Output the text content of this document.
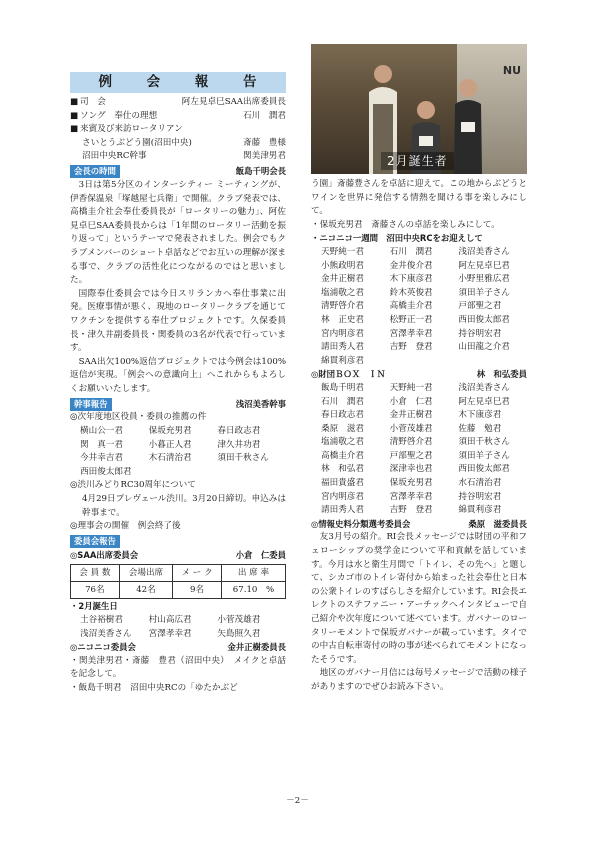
例 会 報 告
■ 司　会	阿左見卓巳SAA出席委員長
■ ソング　奉仕の理想	石川　潤君
■ 来賓及び来訪ロータリアン
さいとうぶどう園(沼田中央)	斎藤　豊様
沼田中央RC幹事	関美津男君
会長の時間	飯島千明会長

3日は第5分区のインターシティー ミーティングが、伊香保温泉「塚越屋七兵衛」で開催。クラブ発表では、高橋圭介社会奉仕委員長が「ロータリーの魅力」、阿佐見卓巳SAA委員長からは「1年間のロータリー活動を振り返って」というテーマで発表されました。例会でもクラブメンバーのショート卓話などでお互いの理解が深まる事で、クラブの活性化につながるのではと思いました。

国際奉仕委員会では今日スリランカへ奉仕事業に出発。医療事情が悪く、現地のロータリークラブを通じてワクチンを提供する奉仕プロジェクトです。久保委員長・津久井副委員長・関委員の3名が代表で行っています。

SAA出欠100%返信プロジェクトでは今例会は100%返信が実現。「例会への意識向上」へこれからもよろしくお願いいたします。

幹事報告	浅沼美香幹事
◎次年度地区役員・委員の推薦の件
横山公一君	保坂充男君	春日政志君
関　真一君	小暮正人君	津久井功君
今井幸吉君	木石清治君	須田千秋さん
西田俊太郎君
◎渋川みどりRC30周年について
4月29日プレヴェール渋川。3月20日締切。申込みは幹事まで。
◎理事会の開催　例会終了後
委員会報告
◎SAA出席委員会	小倉　仁委員
会 員 数	会場出席	メ ー ク	出 席 率
76名	42名	9名	67.10　%
・2月誕生日
土谷裕樹君	村山高広君	小菅茂雄君
浅沼美香さん	宮澤孝幸君	矢島照久君
◎ニコニコ委員会	金井正樹委員長
・関美津男君・斎藤　豊君（沼田中央）　メイクと卓話を記念して。
・飯島千明君　沼田中央RCの「ゆたかぶど
NU
2月誕生者
う園」斎藤豊さんを卓話に迎えて。この地からぶどうとワインを世界に発信する情熱を聞ける事を楽しみにして。
・保坂充男君　斎藤さんの卓話を楽しみにして。
・ニコニコ一週間　沼田中央RCをお迎えして
天野純一君	石川　潤君	浅沼美香さん
小熊政明君	金井俊介君	阿左見卓巳君
金井正樹君	木下康彦君	小野里雅広君
塩浦敬之君	鈴木英俊君	須田羊子さん
清野啓介君	高橋圭介君	戸部聖之君
林　正史君	松野正一君	西田俊太郎君
宮内明彦君	宮澤孝幸君	持谷明宏君
請田秀人君	吉野　登君	山田龍之介君
綿貫利彦君
◎財団ＢＯＸ　ＩＮ	林　和弘委員
飯島千明君	天野純一君	浅沼美香さん
石川　潤君	小倉　仁君	阿左見卓巳君
春日政志君	金井正樹君	木下康彦君
桑原　滋君	小菅茂雄君	佐藤　勉君
塩浦敬之君	清野啓介君	須田千秋さん
高橋圭介君	戸部聖之君	須田羊子さん
林　和弘君	深津幸也君	西田俊太郎君
福田貴盛君	保坂充男君	水石清治君
宮内明彦君	宮澤孝幸君	持谷明宏君
請田秀人君	吉野　登君	綿貫利彦君
◎情報史料分類選考委員会	桑原　滋委員長

友3月号の紹介。RI会長メッセージでは財団の平和フェローシップの奨学金について平和貢献を話しています。今月は水と衛生月間で「トイレ、その先へ」と題して、シカゴ市のトイレ寄付から始まった社会奉仕と日本の公衆トイレのすばらしさを紹介しています。RI会長エレクトのステファニー・アーチックへインタビューで自己紹介や次年度について述べています。ガバナーのロータリーモメントで保坂ガバナーが載っています。タイでの中古自転車寄付の時の事が述べられてモメントになったそうです。

地区のガバナー月信には毎号メッセージで活動の様子がありますのでぜひお読み下さい。

－2－
